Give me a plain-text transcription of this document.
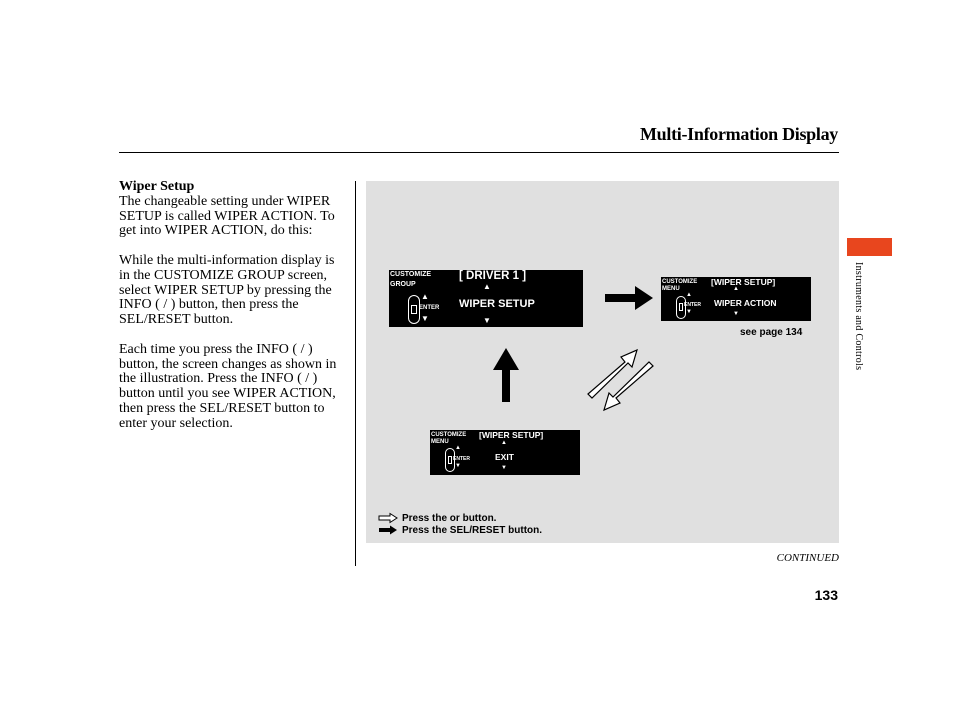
Multi-Information Display
Wiper Setup

The changeable setting under WIPER SETUP is called WIPER ACTION. To get into WIPER ACTION, do this:

While the multi-information display is in the CUSTOMIZE GROUP screen, select WIPER SETUP by pressing the INFO ( / ) button, then press the SEL/RESET button.

Each time you press the INFO ( / ) button, the screen changes as shown in the illustration. Press the INFO ( / ) button until you see WIPER ACTION, then press the SEL/RESET button to enter your selection.

Instruments and Controls
CUSTOMIZE
GROUP
▲
ENTER
▼
[ DRIVER 1 ]
▲
WIPER SETUP
▼
CUSTOMIZE
MENU
▲
ENTER
▼
[WIPER SETUP]
▲
WIPER ACTION
▼
see page 134
CUSTOMIZE
MENU
▲
ENTER
▼
[WIPER SETUP]
▲
EXIT
▼
Press the or button.
Press the SEL/RESET button.
CONTINUED
133
